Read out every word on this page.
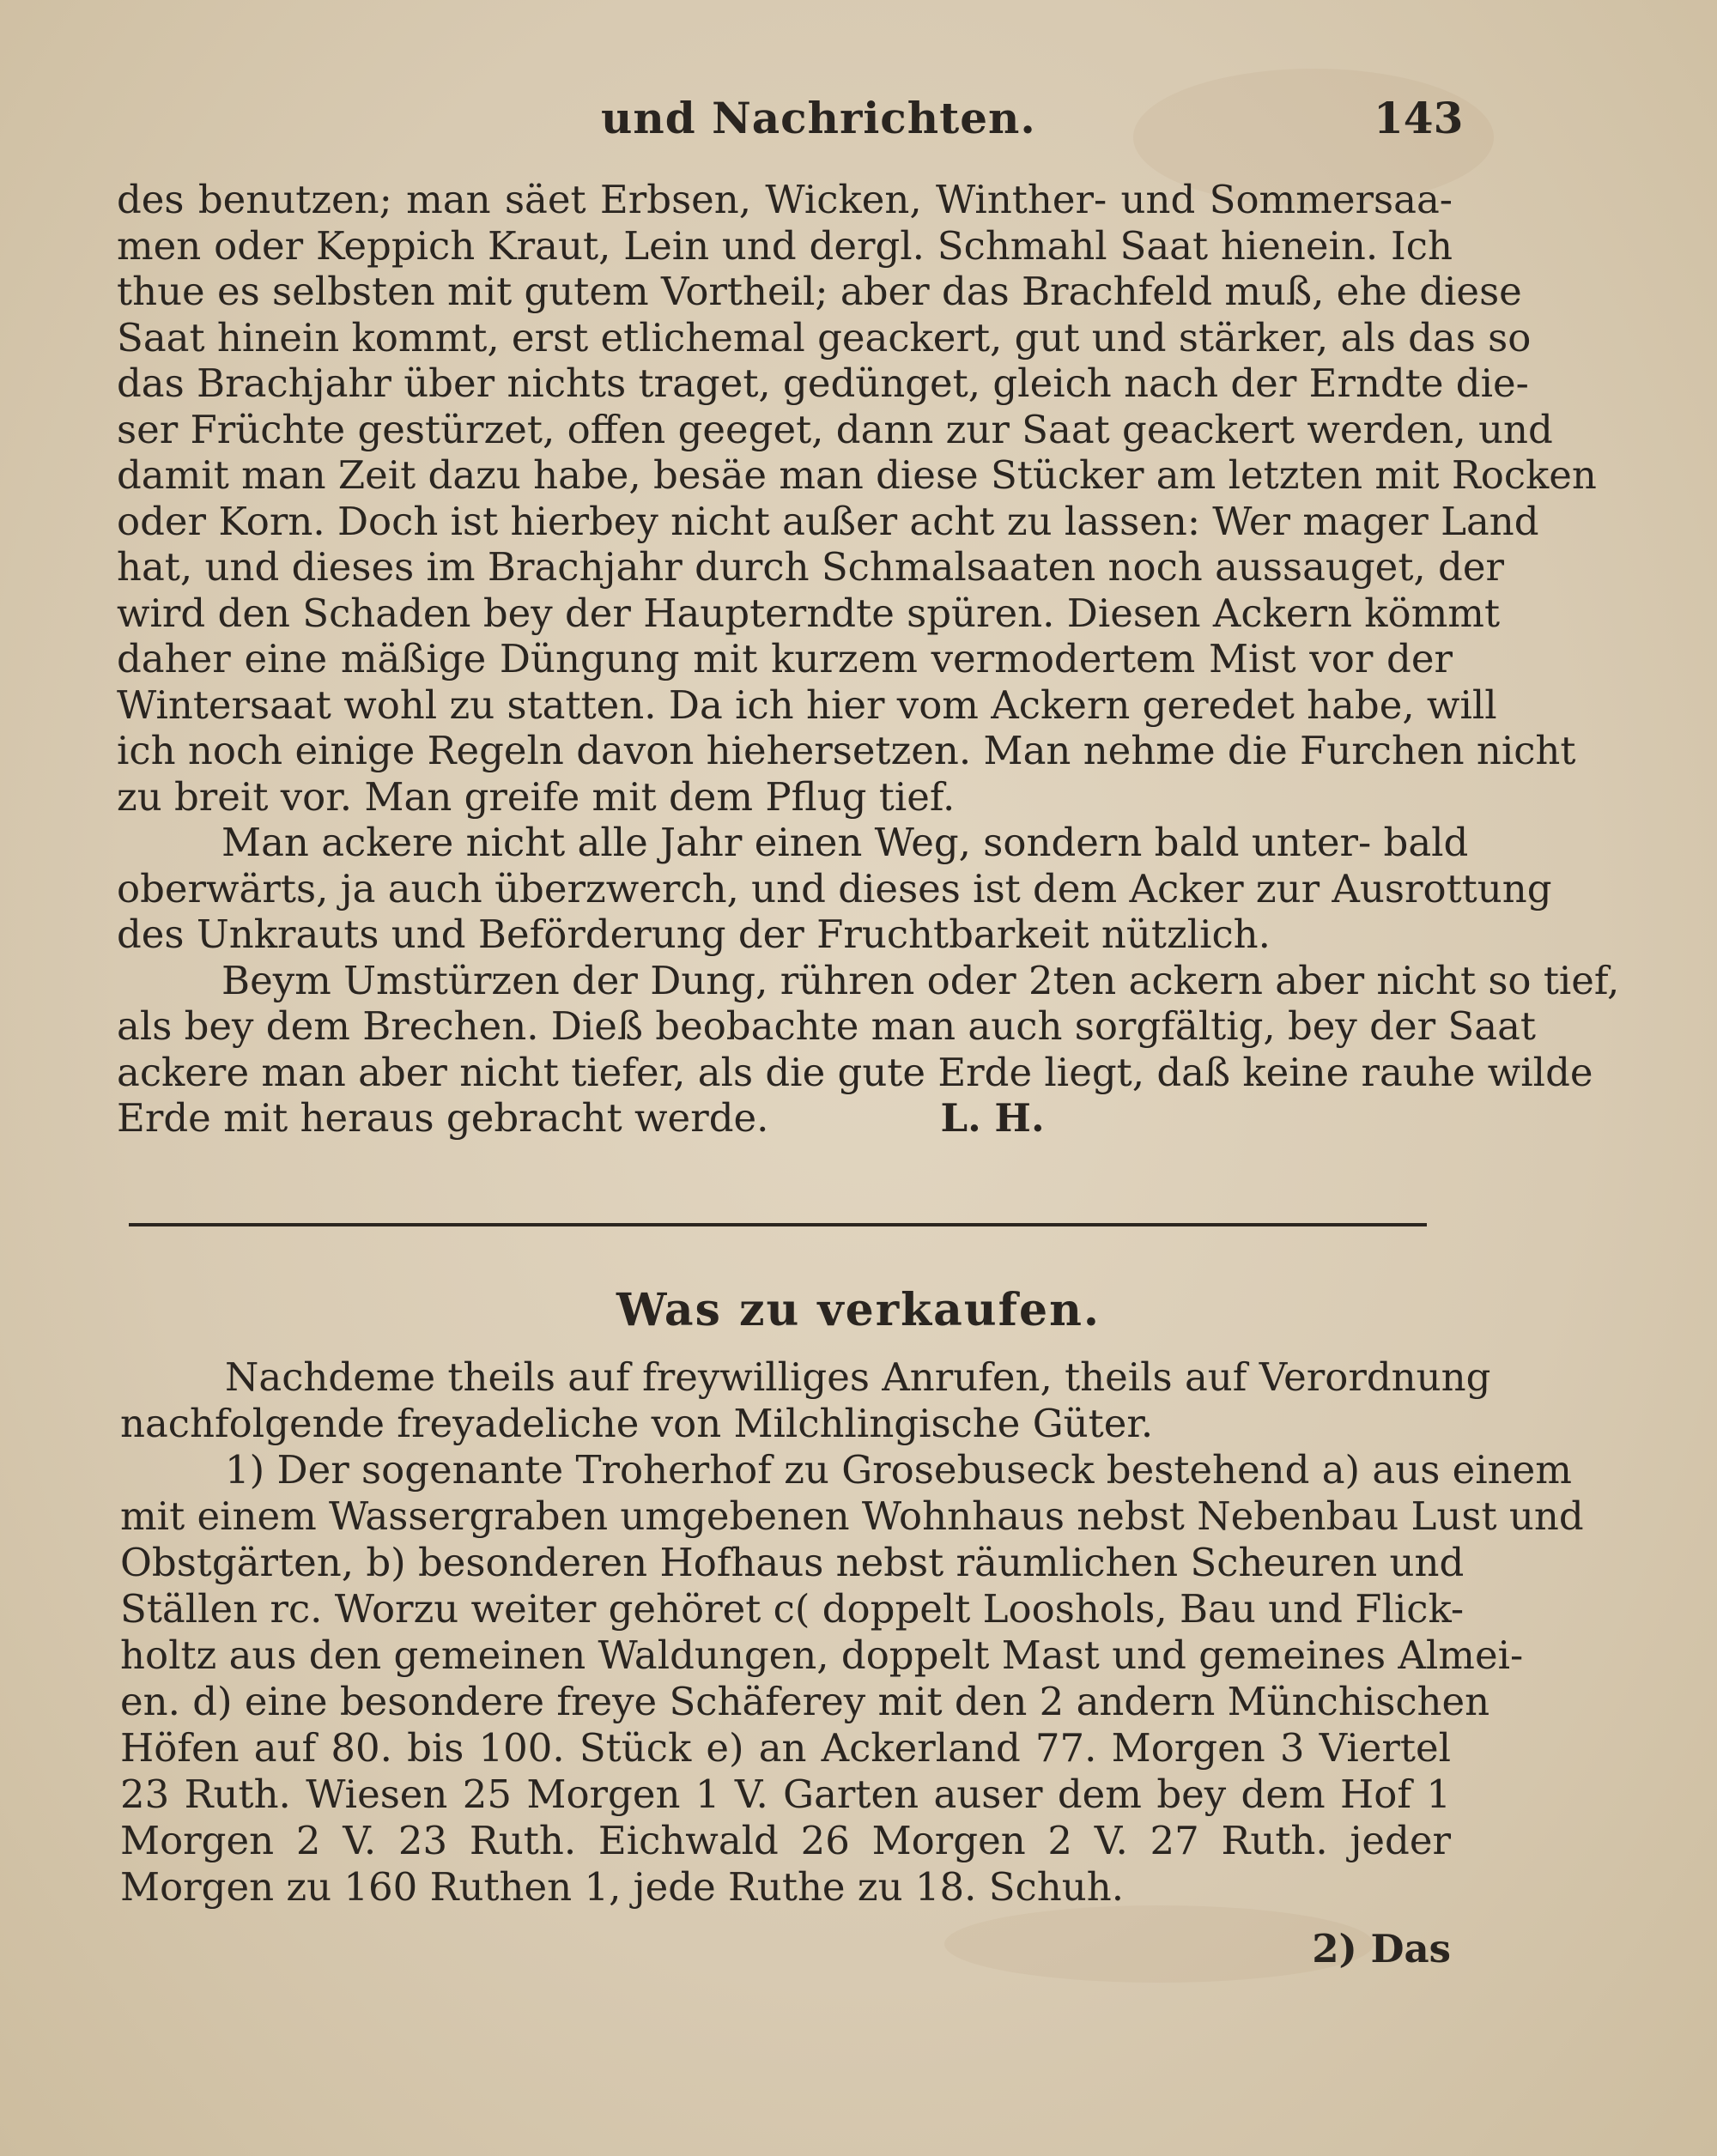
und Nachrichten.	143
des benutzen; man säet Erbsen, Wicken, Winther- und Sommersaa-
men oder Keppich Kraut, Lein und dergl. Schmahl Saat hienein. Ich
thue es selbsten mit gutem Vortheil; aber das Brachfeld muß, ehe diese
Saat hinein kommt, erst etlichemal geackert, gut und stärker, als das so
das Brachjahr über nichts traget, gedünget, gleich nach der Erndte die-
ser Früchte gestürzet, offen geeget, dann zur Saat geackert werden, und
damit man Zeit dazu habe, besäe man diese Stücker am letzten mit Rocken
oder Korn. Doch ist hierbey nicht außer acht zu lassen: Wer mager Land
hat, und dieses im Brachjahr durch Schmalsaaten noch aussauget, der
wird den Schaden bey der Haupterndte spüren. Diesen Ackern kömmt
daher eine mäßige Düngung mit kurzem vermodertem Mist vor der
Wintersaat wohl zu statten. Da ich hier vom Ackern geredet habe, will
ich noch einige Regeln davon hiehersetzen. Man nehme die Furchen nicht
zu breit vor. Man greife mit dem Pflug tief.
Man ackere nicht alle Jahr einen Weg, sondern bald unter- bald
oberwärts, ja auch überzwerch, und dieses ist dem Acker zur Ausrottung
des Unkrauts und Beförderung der Fruchtbarkeit nützlich.
Beym Umstürzen der Dung, rühren oder 2ten ackern aber nicht so tief,
als bey dem Brechen. Dieß beobachte man auch sorgfältig, bey der Saat
ackere man aber nicht tiefer, als die gute Erde liegt, daß keine rauhe wilde
Erde mit heraus gebracht werde.	L. H.
Was zu verkaufen.
Nachdeme theils auf freywilliges Anrufen, theils auf Verordnung
nachfolgende freyadeliche von Milchlingische Güter.
1) Der sogenante Troherhof zu Grosebuseck bestehend a) aus einem
mit einem Wassergraben umgebenen Wohnhaus nebst Nebenbau Lust und
Obstgärten, b) besonderen Hofhaus nebst räumlichen Scheuren und
Ställen rc. Worzu weiter gehöret c( doppelt Looshols, Bau und Flick-
holtz aus den gemeinen Waldungen, doppelt Mast und gemeines Almei-
en. d) eine besondere freye Schäferey mit den 2 andern Münchischen
Höfen auf 80. bis 100. Stück e) an Ackerland 77. Morgen 3 Viertel
23 Ruth. Wiesen 25 Morgen 1 V. Garten auser dem bey dem Hof 1
Morgen 2 V. 23 Ruth. Eichwald 26 Morgen 2 V. 27 Ruth. jeder
Morgen zu 160 Ruthen 1, jede Ruthe zu 18. Schuh.
2) Das
